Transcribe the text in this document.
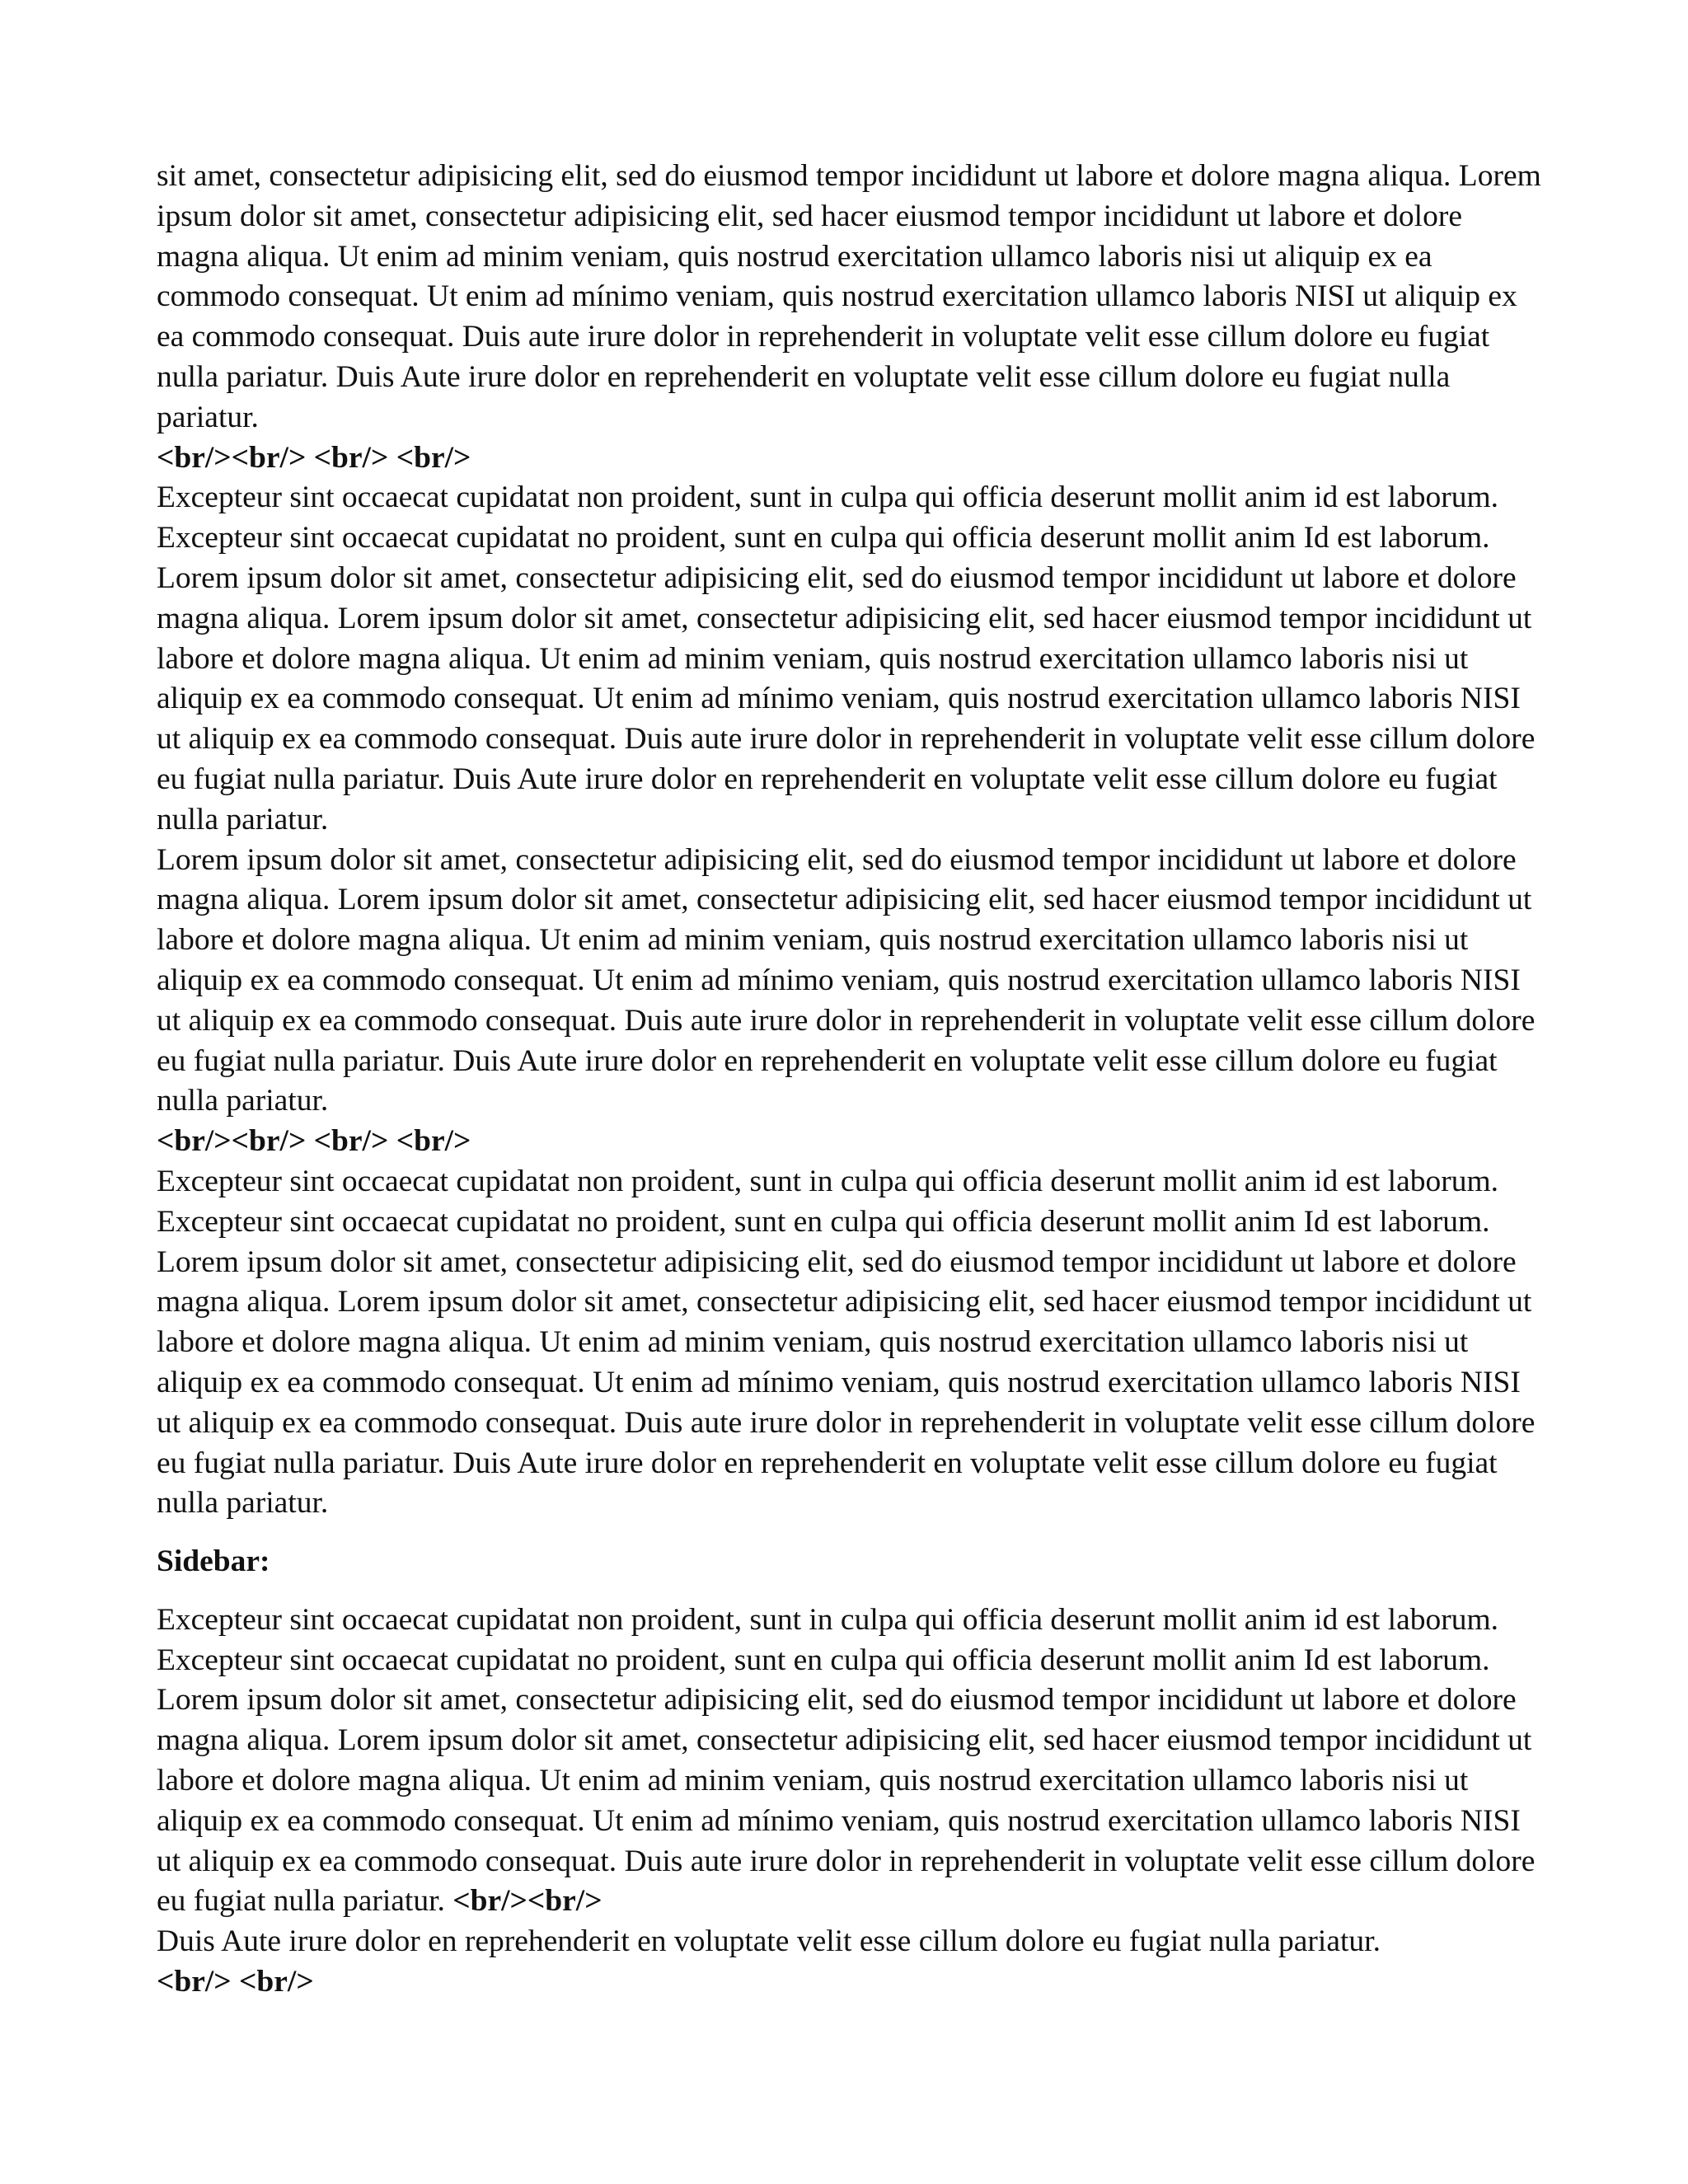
sit amet, consectetur adipisicing elit, sed do eiusmod tempor incididunt ut labore et dolore magna aliqua. Lorem ipsum dolor sit amet, consectetur adipisicing elit, sed hacer eiusmod tempor incididunt ut labore et dolore magna aliqua. Ut enim ad minim veniam, quis nostrud exercitation ullamco laboris nisi ut aliquip ex ea commodo consequat. Ut enim ad mínimo veniam, quis nostrud exercitation ullamco laboris NISI ut aliquip ex ea commodo consequat. Duis aute irure dolor in reprehenderit in voluptate velit esse cillum dolore eu fugiat nulla pariatur. Duis Aute irure dolor en reprehenderit en voluptate velit esse cillum dolore eu fugiat nulla pariatur.

<br/><br/> <br/> <br/>

Excepteur sint occaecat cupidatat non proident, sunt in culpa qui officia deserunt mollit anim id est laborum. Excepteur sint occaecat cupidatat no proident, sunt en culpa qui officia deserunt mollit anim Id est laborum. Lorem ipsum dolor sit amet, consectetur adipisicing elit, sed do eiusmod tempor incididunt ut labore et dolore magna aliqua. Lorem ipsum dolor sit amet, consectetur adipisicing elit, sed hacer eiusmod tempor incididunt ut labore et dolore magna aliqua. Ut enim ad minim veniam, quis nostrud exercitation ullamco laboris nisi ut aliquip ex ea commodo consequat. Ut enim ad mínimo veniam, quis nostrud exercitation ullamco laboris NISI ut aliquip ex ea commodo consequat. Duis aute irure dolor in reprehenderit in voluptate velit esse cillum dolore eu fugiat nulla pariatur. Duis Aute irure dolor en reprehenderit en voluptate velit esse cillum dolore eu fugiat nulla pariatur.

Lorem ipsum dolor sit amet, consectetur adipisicing elit, sed do eiusmod tempor incididunt ut labore et dolore magna aliqua. Lorem ipsum dolor sit amet, consectetur adipisicing elit, sed hacer eiusmod tempor incididunt ut labore et dolore magna aliqua. Ut enim ad minim veniam, quis nostrud exercitation ullamco laboris nisi ut aliquip ex ea commodo consequat. Ut enim ad mínimo veniam, quis nostrud exercitation ullamco laboris NISI ut aliquip ex ea commodo consequat. Duis aute irure dolor in reprehenderit in voluptate velit esse cillum dolore eu fugiat nulla pariatur. Duis Aute irure dolor en reprehenderit en voluptate velit esse cillum dolore eu fugiat nulla pariatur.

<br/><br/> <br/> <br/>

Excepteur sint occaecat cupidatat non proident, sunt in culpa qui officia deserunt mollit anim id est laborum. Excepteur sint occaecat cupidatat no proident, sunt en culpa qui officia deserunt mollit anim Id est laborum. Lorem ipsum dolor sit amet, consectetur adipisicing elit, sed do eiusmod tempor incididunt ut labore et dolore magna aliqua. Lorem ipsum dolor sit amet, consectetur adipisicing elit, sed hacer eiusmod tempor incididunt ut labore et dolore magna aliqua. Ut enim ad minim veniam, quis nostrud exercitation ullamco laboris nisi ut aliquip ex ea commodo consequat. Ut enim ad mínimo veniam, quis nostrud exercitation ullamco laboris NISI ut aliquip ex ea commodo consequat. Duis aute irure dolor in reprehenderit in voluptate velit esse cillum dolore eu fugiat nulla pariatur. Duis Aute irure dolor en reprehenderit en voluptate velit esse cillum dolore eu fugiat nulla pariatur.

Sidebar:

Excepteur sint occaecat cupidatat non proident, sunt in culpa qui officia deserunt mollit anim id est laborum. Excepteur sint occaecat cupidatat no proident, sunt en culpa qui officia deserunt mollit anim Id est laborum. Lorem ipsum dolor sit amet, consectetur adipisicing elit, sed do eiusmod tempor incididunt ut labore et dolore magna aliqua. Lorem ipsum dolor sit amet, consectetur adipisicing elit, sed hacer eiusmod tempor incididunt ut labore et dolore magna aliqua. Ut enim ad minim veniam, quis nostrud exercitation ullamco laboris nisi ut aliquip ex ea commodo consequat. Ut enim ad mínimo veniam, quis nostrud exercitation ullamco laboris NISI ut aliquip ex ea commodo consequat. Duis aute irure dolor in reprehenderit in voluptate velit esse cillum dolore eu fugiat nulla pariatur. <br/><br/>

Duis Aute irure dolor en reprehenderit en voluptate velit esse cillum dolore eu fugiat nulla pariatur.

<br/> <br/>
